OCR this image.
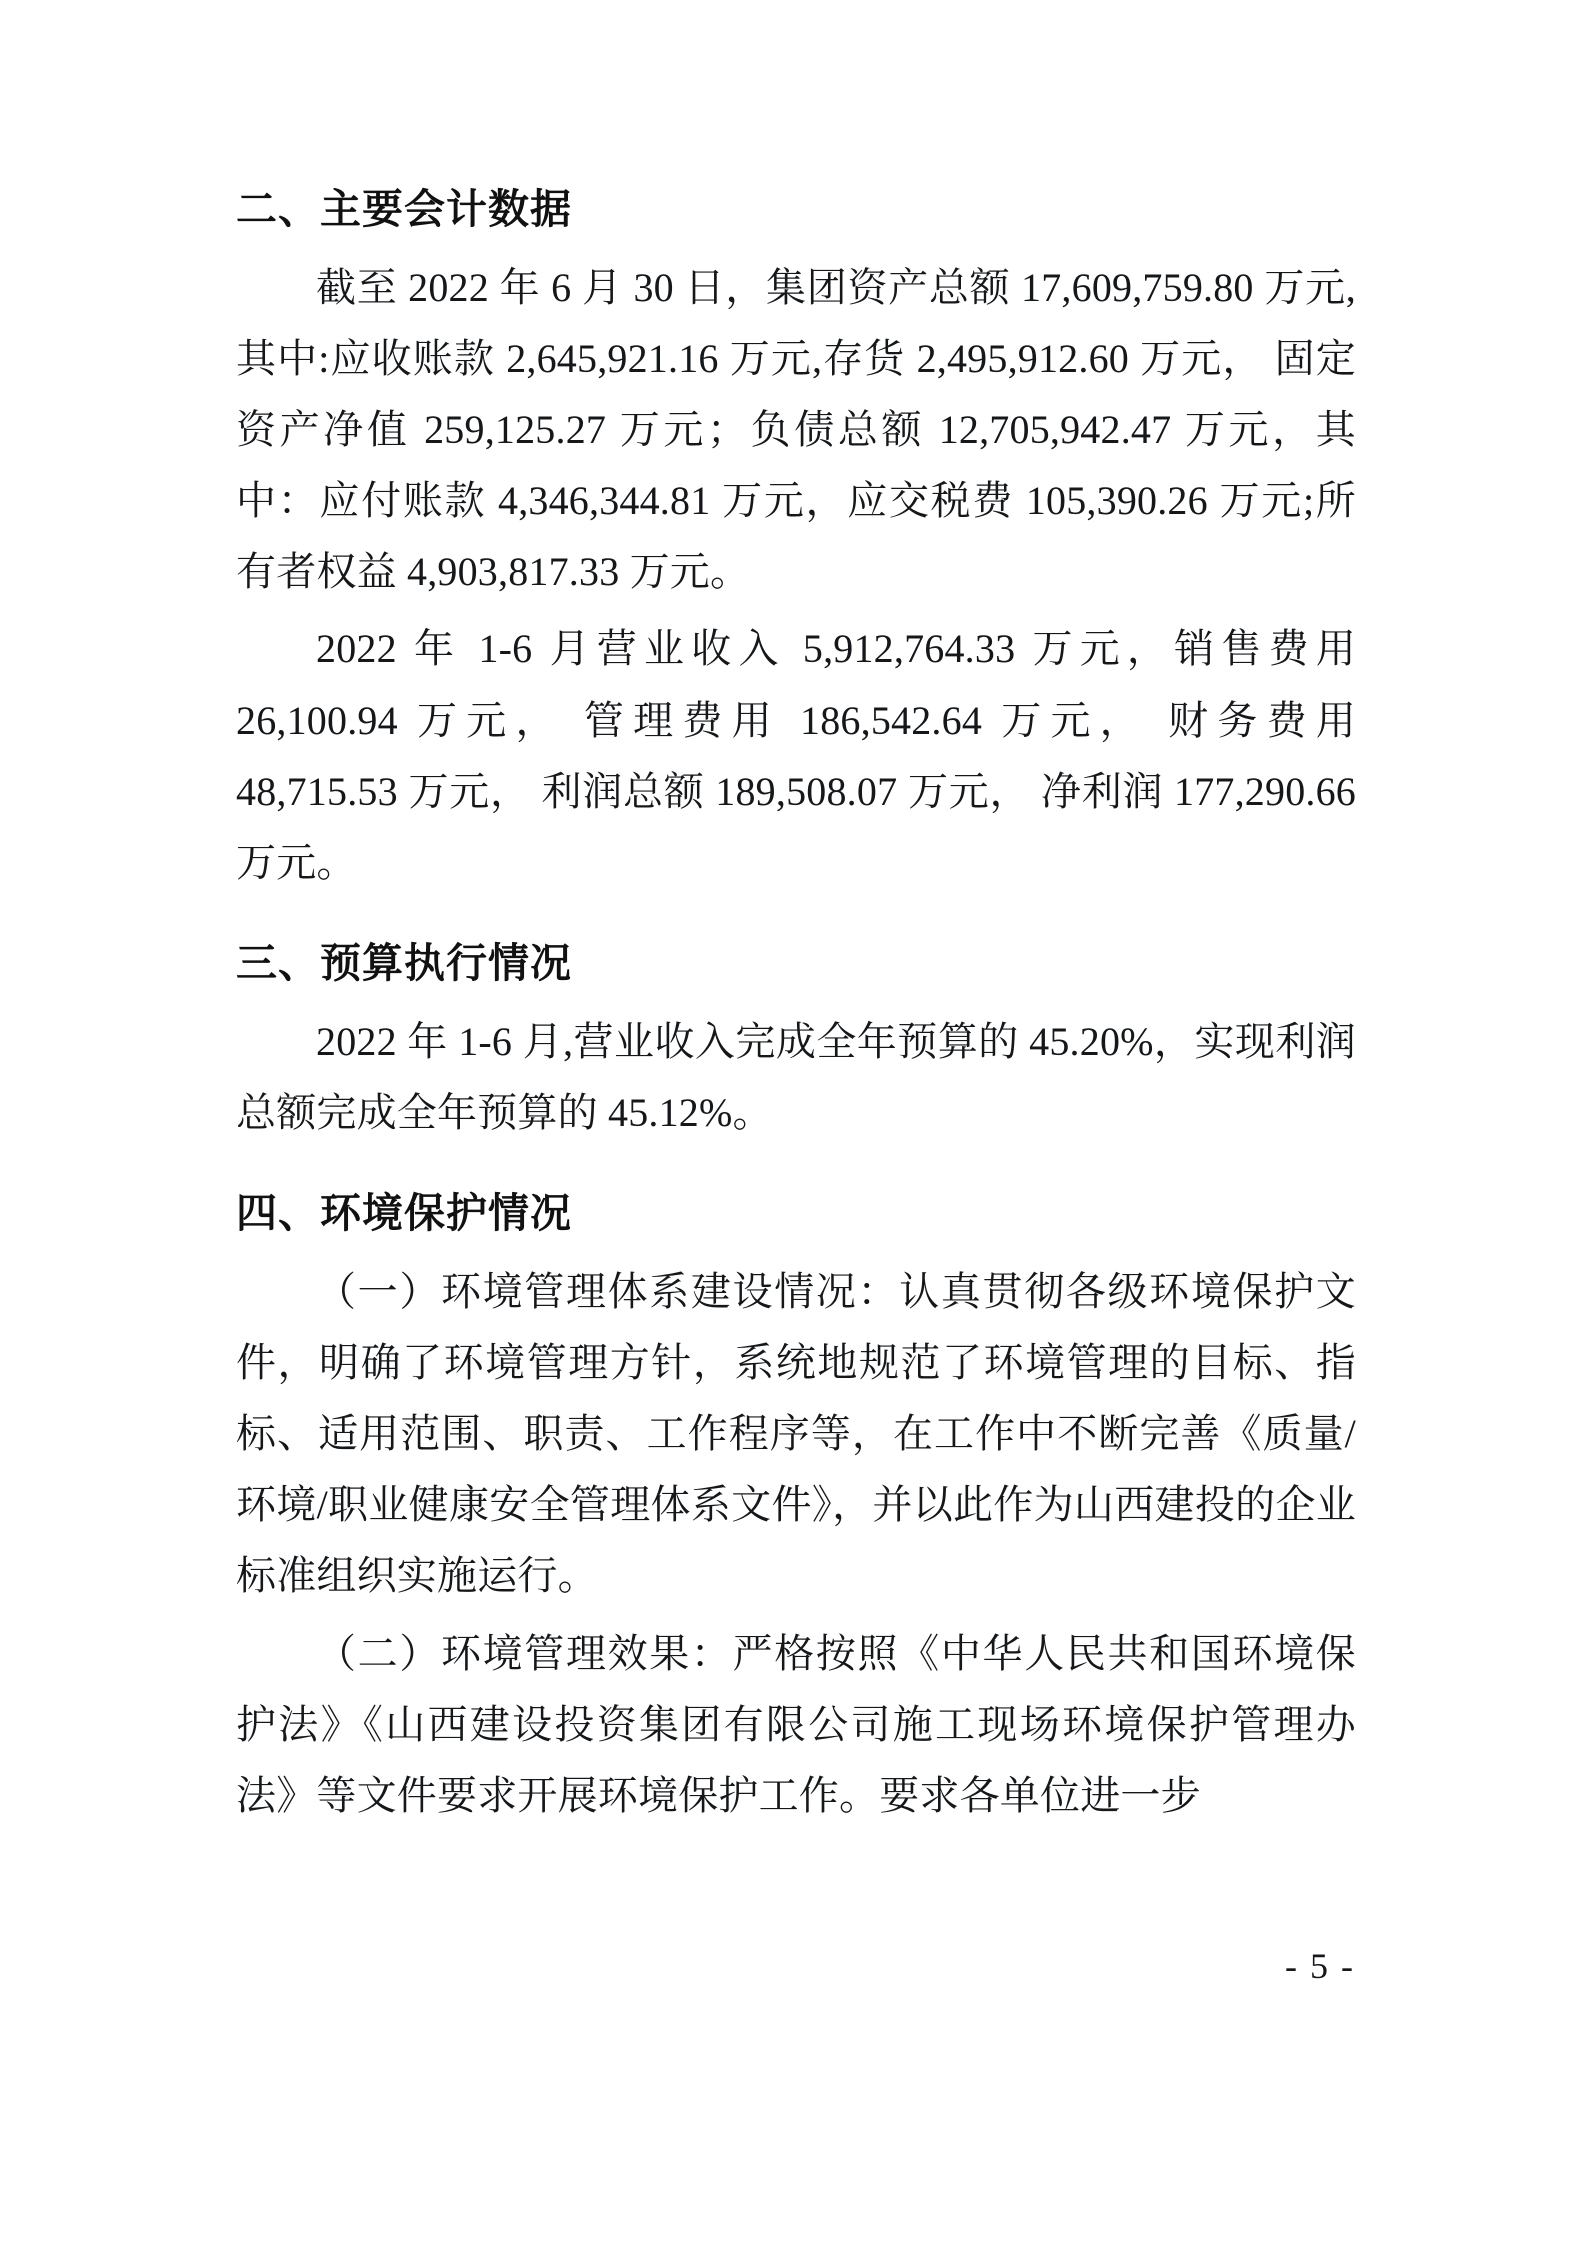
二、主要会计数据

截至 2022 年 6 月 30 日，集团资产总额 17,609,759.80 万元,其中:应收账款 2,645,921.16 万元,存货 2,495,912.60 万元， 固定资产净值 259,125.27 万元；负债总额 12,705,942.47 万元，其中：应付账款 4,346,344.81 万元，应交税费 105,390.26 万元;所有者权益 4,903,817.33 万元。

2022 年 1-6 月营业收入 5,912,764.33 万元，销售费用 26,100.94 万元， 管理费用 186,542.64 万元， 财务费用 48,715.53 万元， 利润总额 189,508.07 万元， 净利润 177,290.66 万元。

三、预算执行情况

2022 年 1-6 月,营业收入完成全年预算的 45.20%，实现利润总额完成全年预算的 45.12%。

四、环境保护情况

（一）环境管理体系建设情况：认真贯彻各级环境保护文件，明确了环境管理方针，系统地规范了环境管理的目标、指标、适用范围、职责、工作程序等，在工作中不断完善《质量/环境/职业健康安全管理体系文件》，并以此作为山西建投的企业标准组织实施运行。

（二）环境管理效果：严格按照《中华人民共和国环境保护法》《山西建设投资集团有限公司施工现场环境保护管理办法》等文件要求开展环境保护工作。要求各单位进一步

- 5 -
